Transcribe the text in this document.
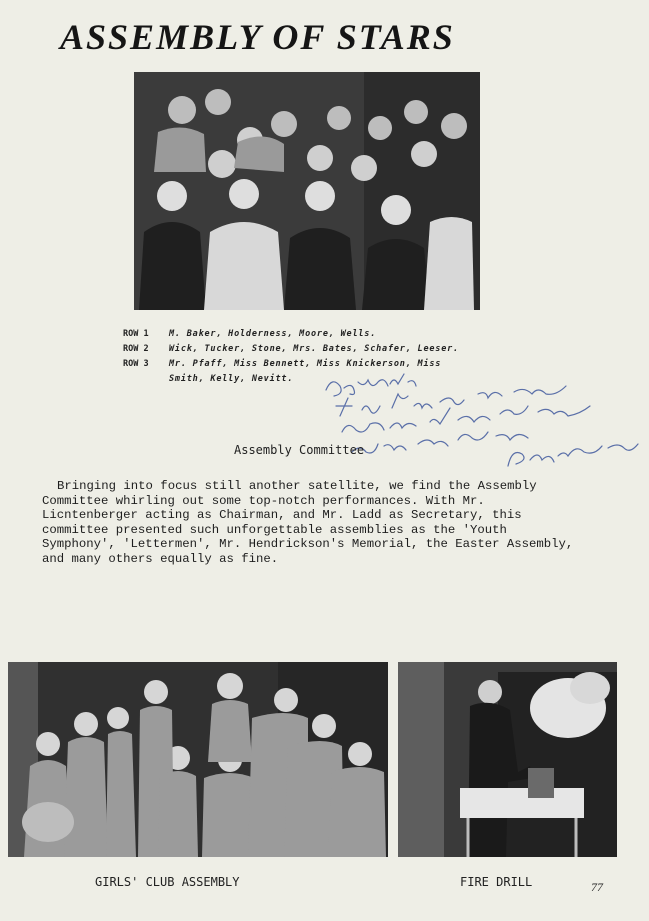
ASSEMBLY OF STARS
ROW 1	M. Baker, Holderness, Moore, Wells.
ROW 2	Wick, Tucker, Stone, Mrs. Bates, Schafer, Leeser.
ROW 3	Mr. Pfaff, Miss Bennett, Miss Knickerson, Miss
Smith, Kelly, Nevitt.
Assembly Committee

Bringing into focus still another satellite, we find the Assembly Committee whirling out some top-notch performances. With Mr. Licntenberger acting as Chairman, and Mr. Ladd as Secretary, this committee presented such unforgettable assemblies as the 'Youth Symphony', 'Lettermen', Mr. Hendrickson's Memorial, the Easter Assembly, and many others equally as fine.

GIRLS' CLUB ASSEMBLY	FIRE DRILL	77
